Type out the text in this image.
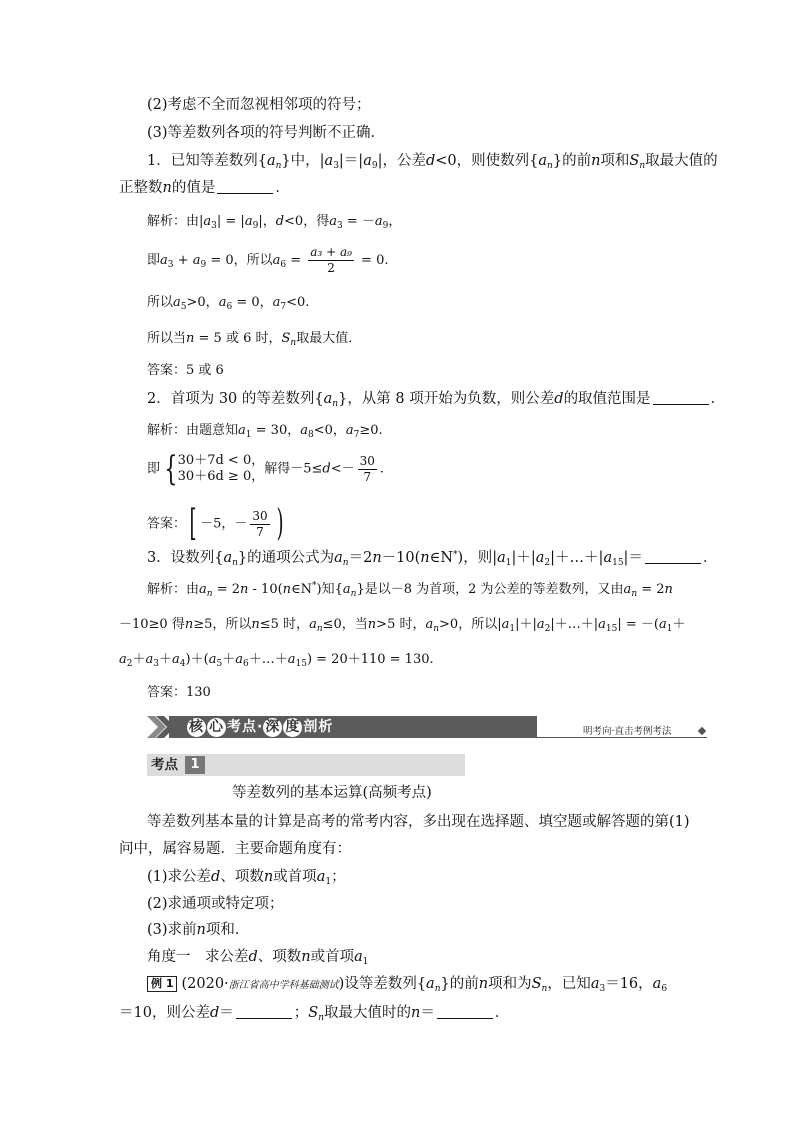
(2)考虑不全而忽视相邻项的符号；
(3)等差数列各项的符号判断不正确．
1．已知等差数列$\{a_n\}$中，$|a_3|=|a_9|$，公差d<0，则使数列$\{a_n\}$的前n项和$S_n$取最大值的
正整数n的值是	．
解析：由$|a_3| = |a_9|$，d<0，得$a_3 = -a_9$，
即$a_3 + a_9 = 0$，所以$a_6 = \frac{\text{a₃ + a₉}}{2} = 0$.
所以$a_5>0$，$a_6 = 0$，$a_7<0$.
所以当n = 5 或 6 时，$S_n$取最大值．
答案：5 或 6
2．首项为 30 的等差数列$\{a_n\}$，从第 8 项开始为负数，则公差d的取值范围是	．
解析：由题意知$a_1 = 30$，$a_8<0$，$a_7\ge 0$.
即 { 30＋7d < 0，
30＋6d ≥ 0， 解得$-5\le d<- \frac{30}{7}$ .
答案：[ －5，－ $\frac{30}{7}$ )
3．设数列$\{a_n\}$的通项公式为$a_n=2n-10(n\in N^*)$，则$|a_1|+|a_2|+\dots+|a_{15}|=$	．
解析：由$a_n = 2n$ - 10(n∈N*)知$\{a_n\}$是以－8 为首项，2 为公差的等差数列，又由$a_n = 2n$
－10≥0 得n≥5，所以n≤5 时，$a_n\le 0$，当n>5 时，$a_n>0$，所以$|a_1|+|a_2|+\dots+|a_{15}| = -(a_1+$
$a_2+a_3+a_4)+(a_5+a_6+\dots+a_{15}) = 20+110 = 130$.
答案：130
核 心 考点· 深 度 剖析	明考向·直击考例考法
考点 1
等差数列的基本运算(高频考点)
等差数列基本量的计算是高考的常考内容，多出现在选择题、填空题或解答题的第(1)
问中，属容易题．主要命题角度有：
(1)求公差d、项数n或首项$a_1$；
(2)求通项或特定项；
(3)求前n项和．
角度一　求公差d、项数n或首项$a_1$
例 1 (2020·浙江省高中学科基础测试)设等差数列$\{a_n\}$的前n项和为$S_n$，已知$a_3=16$，$a_6$
＝10，则公差d＝	；$S_n$取最大值时的n＝	．
